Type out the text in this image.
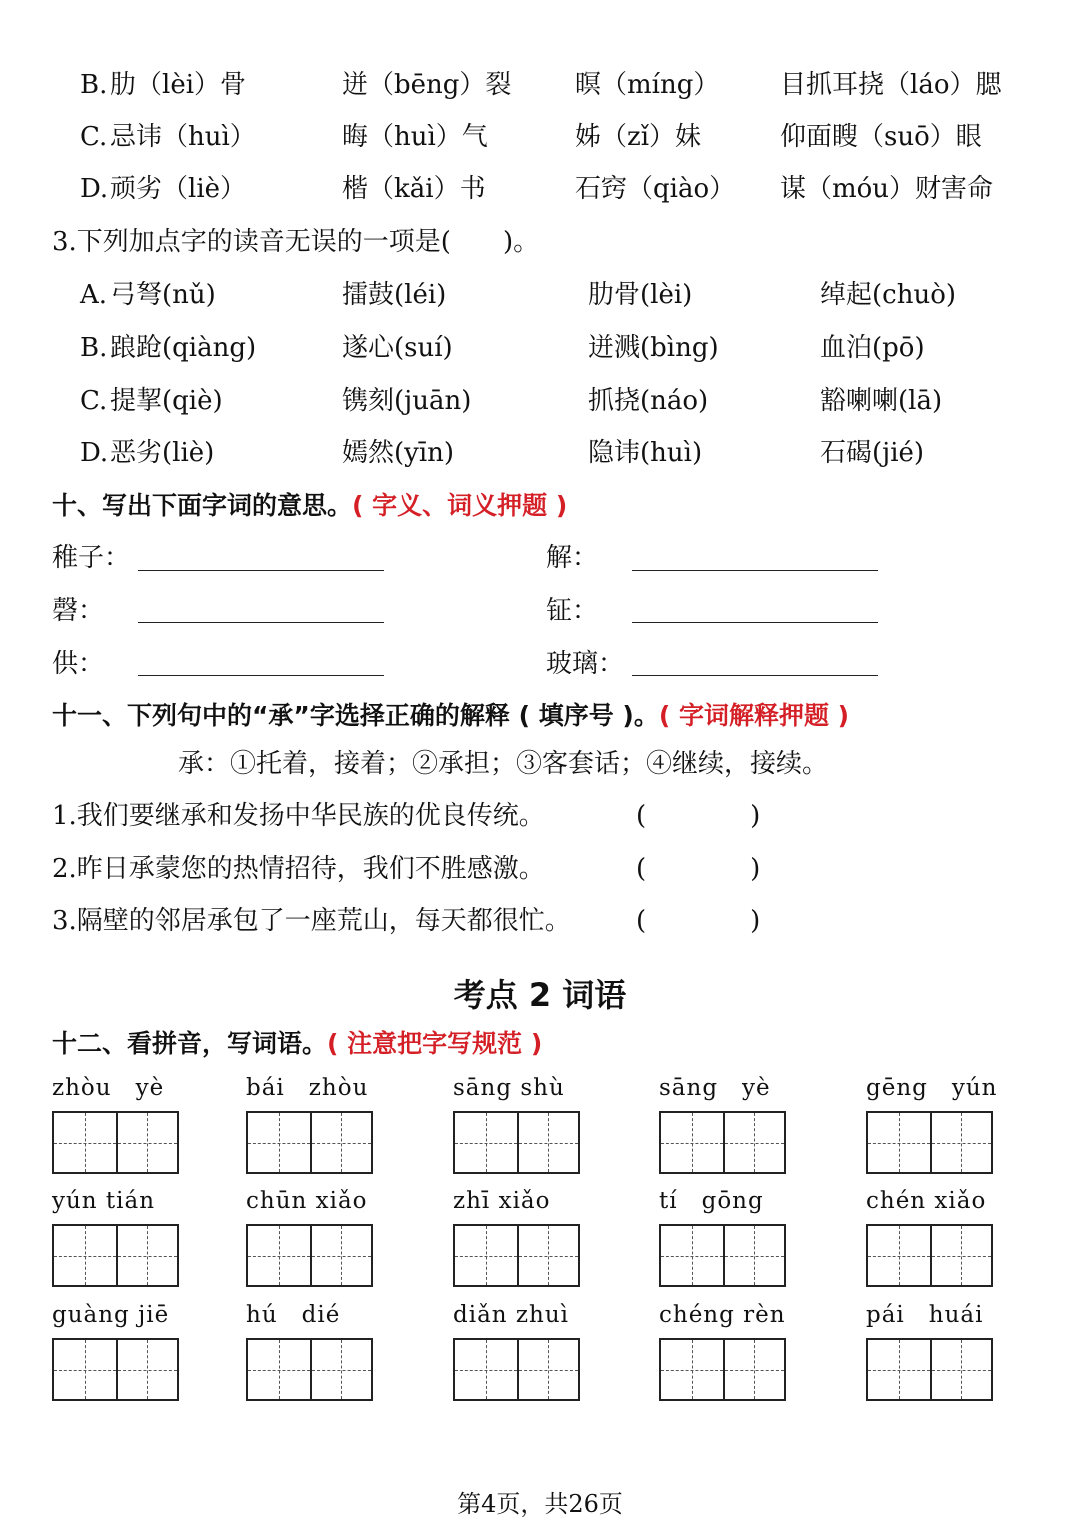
B. 肋（lèi）骨	迸（bēng）裂 暝（míng） 目抓耳挠（láo）腮
C. 忌讳（huì）	晦（huì）气	姊（zǐ）妹	仰面瞍（suō）眼
D. 顽劣（liè）	楷（kǎi）书	石窍（qiào） 谋（móu）财害命
3.下列加点字的读音无误的一项是(　　)。
A. 弓弩(nǔ)	擂鼓(léi)	肋骨(lèi)	绰起(chuò)
B. 踉跄(qiàng)	遂心(suí)	迸溅(bìng)	血泊(pō)
C. 提挈(qiè)	镌刻(juān)	抓挠(náo)	豁喇喇(lā)
D. 恶劣(liè)	嫣然(yīn)	隐讳(huì)	石碣(jié)
十、写出下面字词的意思。( 字义、词义押题 )
稚子：	解：
磬：	钲：
供：	玻璃：
十一、下列句中的“承”字选择正确的解释 ( 填序号 )。( 字词解释押题 )
承：①托着，接着；②承担；③客套话；④继续，接续。
1.我们要继承和发扬中华民族的优良传统。	(　　　　)
2.昨日承蒙您的热情招待，我们不胜感激。	(　　　　)
3.隔壁的邻居承包了一座荒山，每天都很忙。	(　　　　)
考点 2 词语
十二、看拼音，写词语。( 注意把字写规范 )
zhòu　yè	bái　zhòu	sāng shù	sāng　yè	gēng　yún
yún tián	chūn xiǎo	zhī xiǎo	tí　gōng	chén xiǎo
guàng jiē	hú　dié	diǎn zhuì	chéng rèn	pái　huái
第4页，共26页
